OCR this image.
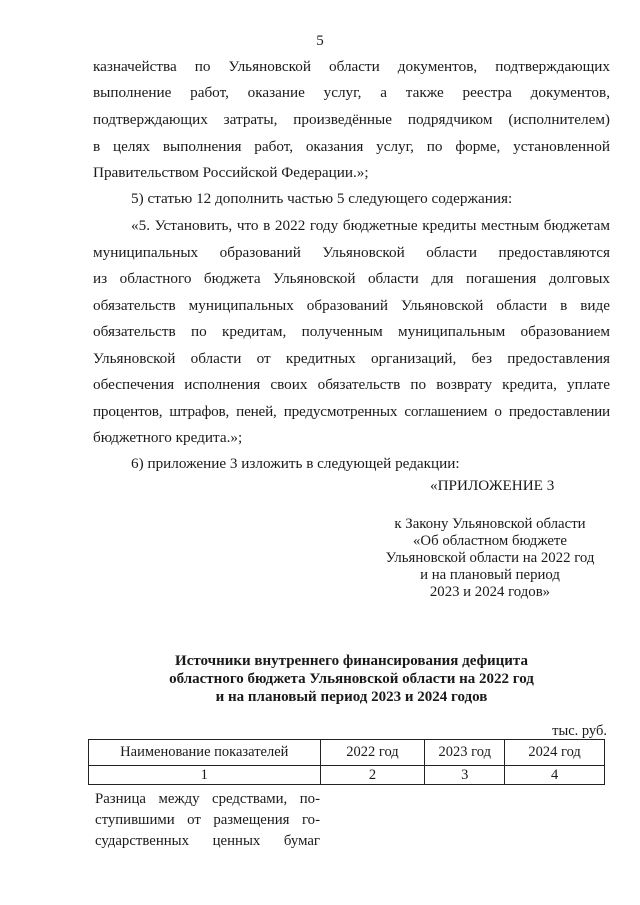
5
казначейства по Ульяновской области документов, подтверждающих
выполнение работ, оказание услуг, а также реестра документов,
подтверждающих затраты, произведённые подрядчиком (исполнителем)
в целях выполнения работ, оказания услуг, по форме, установленной
Правительством Российской Федерации.»;
5) статью 12 дополнить частью 5 следующего содержания:
«5. Установить, что в 2022 году бюджетные кредиты местным бюджетам
муниципальных образований Ульяновской области предоставляются
из областного бюджета Ульяновской области для погашения долговых
обязательств муниципальных образований Ульяновской области в виде
обязательств по кредитам, полученным муниципальным образованием
Ульяновской области от кредитных организаций, без предоставления
обеспечения исполнения своих обязательств по возврату кредита, уплате
процентов, штрафов, пеней, предусмотренных соглашением о предоставлении
бюджетного кредита.»;
6) приложение 3 изложить в следующей редакции:
«ПРИЛОЖЕНИЕ 3
к Закону Ульяновской области
«Об областном бюджете
Ульяновской области на 2022 год
и на плановый период
2023 и 2024 годов»
Источники внутреннего финансирования дефицита
областного бюджета Ульяновской области на 2022 год
и на плановый период 2023 и 2024 годов
тыс. руб.
Наименование показателей	2022 год	2023 год	2024 год
1	2	3	4
Разница между средствами, по-
ступившими от размещения го-
сударственных ценных бумаг
